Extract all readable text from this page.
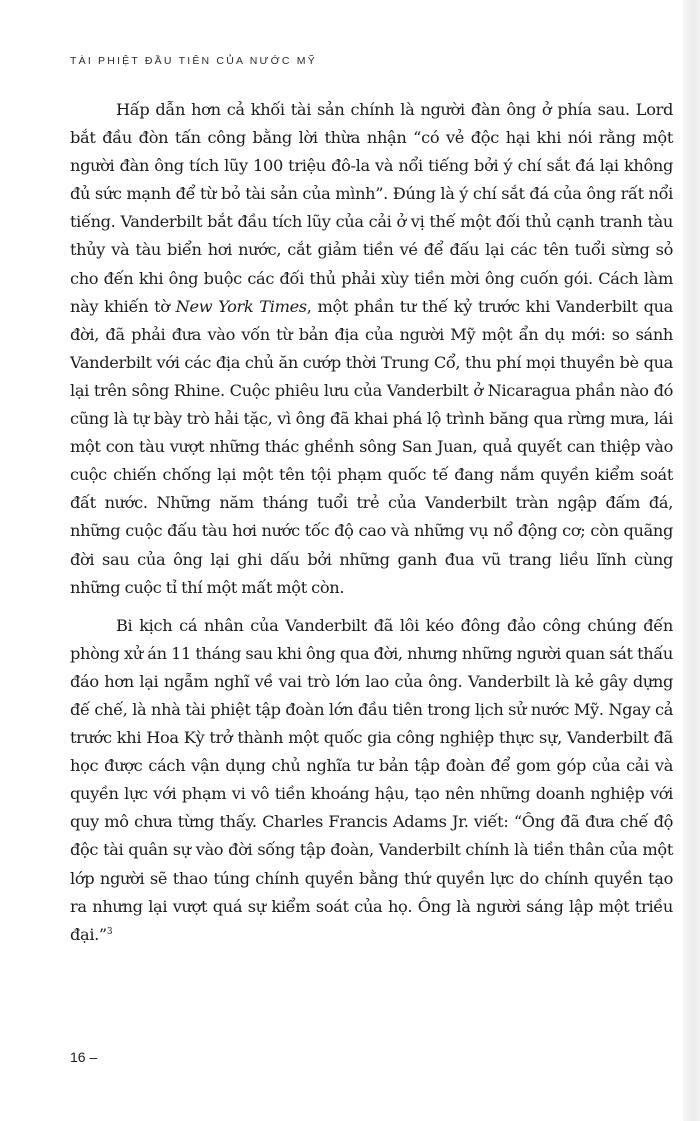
TÀI PHIỆT ĐẦU TIÊN CỦA NƯỚC MỸ

Hấp dẫn hơn cả khối tài sản chính là người đàn ông ở phía sau. Lord bắt đầu đòn tấn công bằng lời thừa nhận “có vẻ độc hại khi nói rằng một người đàn ông tích lũy 100 triệu đô-la và nổi tiếng bởi ý chí sắt đá lại không đủ sức mạnh để từ bỏ tài sản của mình”. Đúng là ý chí sắt đá của ông rất nổi tiếng. Vanderbilt bắt đầu tích lũy của cải ở vị thế một đối thủ cạnh tranh tàu thủy và tàu biển hơi nước, cắt giảm tiền vé để đấu lại các tên tuổi sừng sỏ cho đến khi ông buộc các đối thủ phải xùy tiền mời ông cuốn gói. Cách làm này khiến tờ New York Times, một phần tư thế kỷ trước khi Vanderbilt qua đời, đã phải đưa vào vốn từ bản địa của người Mỹ một ẩn dụ mới: so sánh Vanderbilt với các địa chủ ăn cướp thời Trung Cổ, thu phí mọi thuyền bè qua lại trên sông Rhine. Cuộc phiêu lưu của Vanderbilt ở Nicaragua phần nào đó cũng là tự bày trò hải tặc, vì ông đã khai phá lộ trình băng qua rừng mưa, lái một con tàu vượt những thác ghềnh sông San Juan, quả quyết can thiệp vào cuộc chiến chống lại một tên tội phạm quốc tế đang nắm quyền kiểm soát đất nước. Những năm tháng tuổi trẻ của Vanderbilt tràn ngập đấm đá, những cuộc đấu tàu hơi nước tốc độ cao và những vụ nổ động cơ; còn quãng đời sau của ông lại ghi dấu bởi những ganh đua vũ trang liều lĩnh cùng những cuộc tỉ thí một mất một còn.

Bi kịch cá nhân của Vanderbilt đã lôi kéo đông đảo công chúng đến phòng xử án 11 tháng sau khi ông qua đời, nhưng những người quan sát thấu đáo hơn lại ngẫm nghĩ về vai trò lớn lao của ông. Vanderbilt là kẻ gây dựng đế chế, là nhà tài phiệt tập đoàn lớn đầu tiên trong lịch sử nước Mỹ. Ngay cả trước khi Hoa Kỳ trở thành một quốc gia công nghiệp thực sự, Vanderbilt đã học được cách vận dụng chủ nghĩa tư bản tập đoàn để gom góp của cải và quyền lực với phạm vi vô tiền khoáng hậu, tạo nên những doanh nghiệp với quy mô chưa từng thấy. Charles Francis Adams Jr. viết: “Ông đã đưa chế độ độc tài quân sự vào đời sống tập đoàn, Vanderbilt chính là tiền thân của một lớp người sẽ thao túng chính quyền bằng thứ quyền lực do chính quyền tạo ra nhưng lại vượt quá sự kiểm soát của họ. Ông là người sáng lập một triều đại.”$^3$

16 –
